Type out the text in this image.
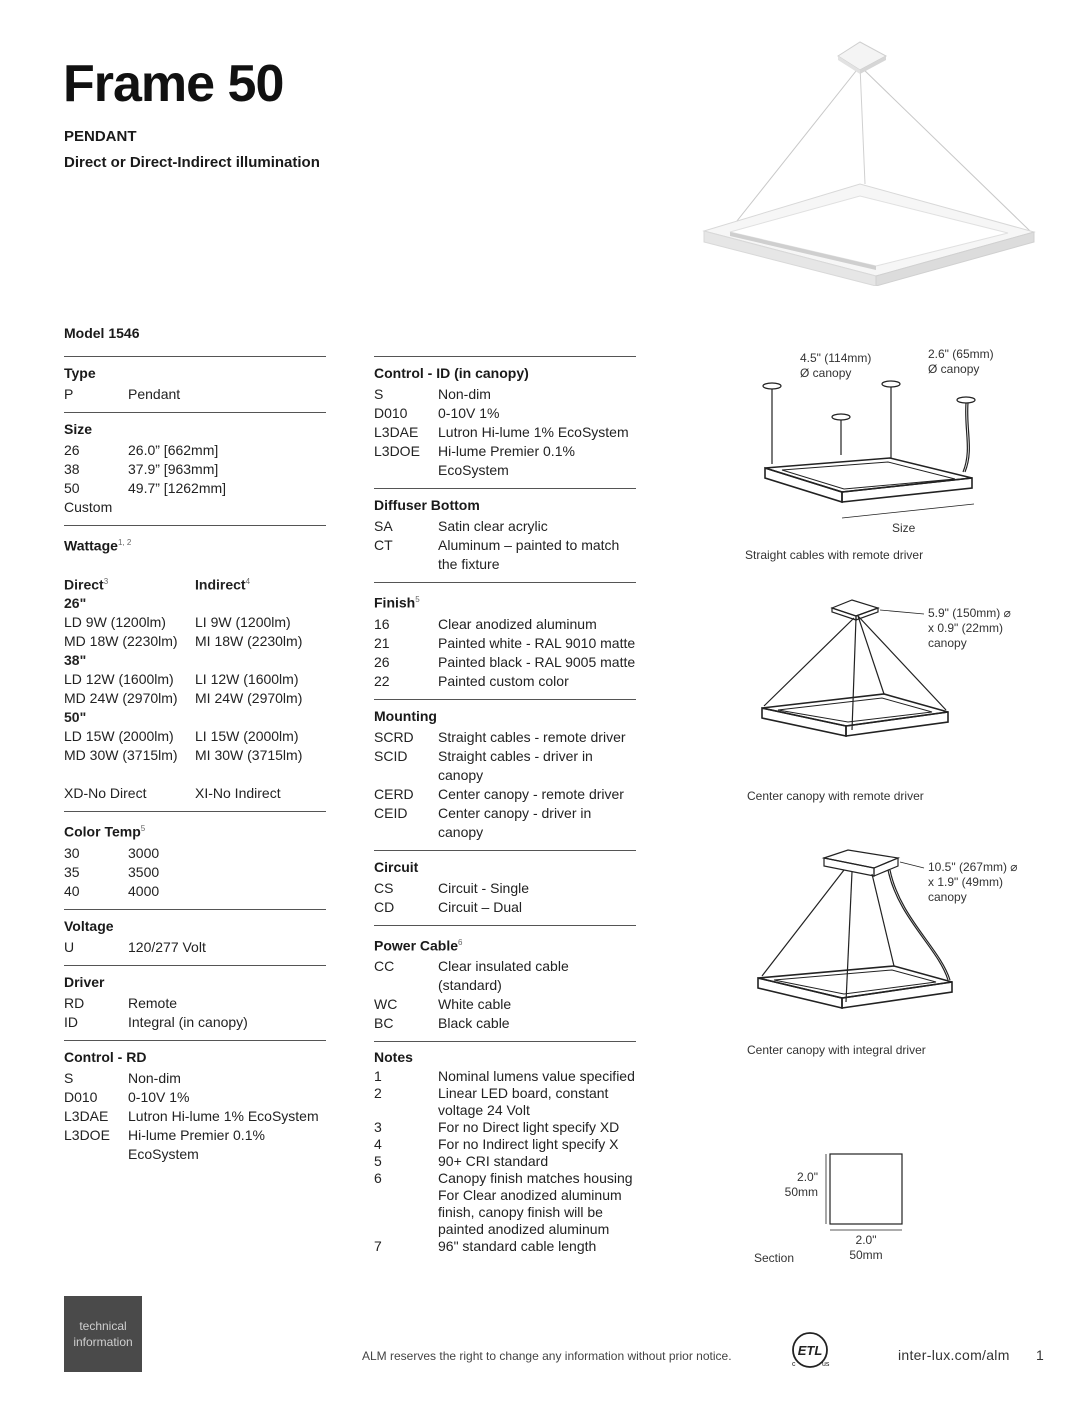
Frame 50
PENDANT
Direct or Direct-Indirect illumination
Model 1546
Type
P	Pendant
Size
26	26.0” [662mm]
38	37.9” [963mm]
50	49.7” [1262mm]
Custom
Wattage$^{1, 2}$
Direct$^3$	Indirect$^4$
26"
LD 9W (1200lm)	LI 9W (1200lm)
MD 18W (2230lm)	MI 18W (2230lm)
38"
LD 12W (1600lm)	LI 12W (1600lm)
MD 24W (2970lm)	MI 24W (2970lm)
50"
LD 15W (2000lm)	LI 15W (2000lm)
MD 30W (3715lm)	MI 30W (3715lm)
XD-No Direct	XI-No Indirect
Color Temp$^5$
30	3000
35	3500
40	4000
Voltage
U	120/277 Volt
Driver
RD	Remote
ID	Integral (in canopy)
Control - RD
S	Non-dim
D010	0-10V 1%
L3DAE	Lutron Hi-lume 1% EcoSystem
L3DOE	Hi-lume Premier 0.1% EcoSystem
Control - ID (in canopy)
S	Non-dim
D010	0-10V 1%
L3DAE	Lutron Hi-lume 1% EcoSystem
L3DOE	Hi-lume Premier 0.1% EcoSystem
Diffuser Bottom
SA	Satin clear acrylic
CT	Aluminum – painted to match the fixture
Finish$^5$
16	Clear anodized aluminum
21	Painted white - RAL 9010 matte
26	Painted black - RAL 9005 matte
22	Painted custom color
Mounting
SCRD	Straight cables - remote driver
SCID	Straight cables - driver in canopy
CERD	Center canopy - remote driver
CEID	Center canopy - driver in canopy
Circuit
CS	Circuit - Single
CD	Circuit – Dual
Power Cable$^6$
CC	Clear insulated cable (standard)
WC	White cable
BC	Black cable
Notes
1	Nominal lumens value specified
2	Linear LED board, constant voltage 24 Volt
3	For no Direct light specify XD
4	For no Indirect light specify X
5	90+ CRI standard
6	Canopy finish matches housing For Clear anodized aluminum finish, canopy finish will be painted anodized aluminum
7	96" standard cable length
4.5" (114mm)
Ø canopy
2.6" (65mm)
Ø canopy
Size
Straight cables with remote driver
5.9" (150mm) ⌀
x 0.9" (22mm)
canopy
Center canopy with remote driver
10.5" (267mm) ⌀
x 1.9" (49mm)
canopy
Center canopy with integral driver
2.0"
50mm
2.0"
50mm
Section
technical
information
ALM reserves the right to change any information without prior notice.	ETL
c	us
inter-lux.com/alm 1
